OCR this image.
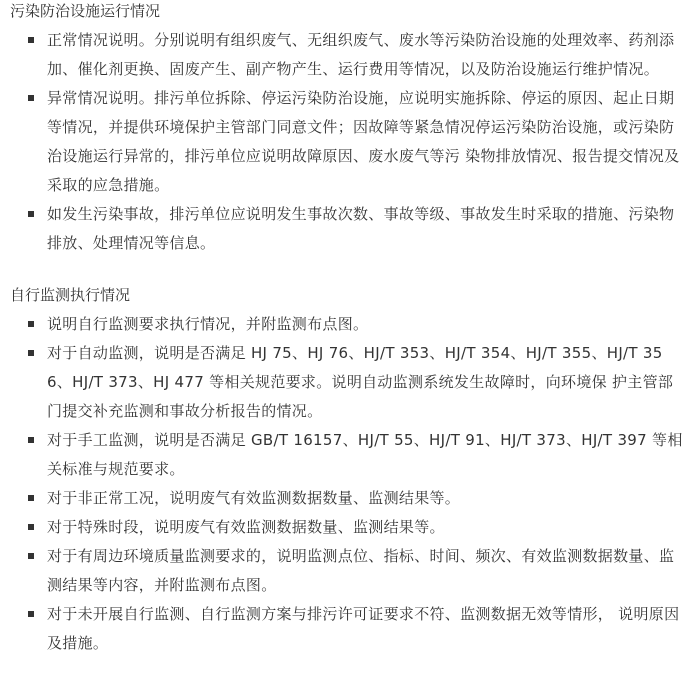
污染防治设施运行情况
正常情况说明。分别说明有组织废气、无组织废气、废水等污染防治设施的处理效率、药剂添加、催化剂更换、固废产生、副产物产生、运行费用等情况，以及防治设施运行维护情况。
异常情况说明。排污单位拆除、停运污染防治设施，应说明实施拆除、停运的原因、起止日期等情况，并提供环境保护主管部门同意文件；因故障等紧急情况停运污染防治设施，或污染防治设施运行异常的，排污单位应说明故障原因、废水废气等污 染物排放情况、报告提交情况及采取的应急措施。
如发生污染事故，排污单位应说明发生事故次数、事故等级、事故发生时采取的措施、污染物排放、处理情况等信息。
自行监测执行情况
说明自行监测要求执行情况，并附监测布点图。
对于自动监测，说明是否满足 HJ 75、HJ 76、HJ/T 353、HJ/T 354、HJ/T 355、HJ/T 356、HJ/T 373、HJ 477 等相关规范要求。说明自动监测系统发生故障时，向环境保 护主管部门提交补充监测和事故分析报告的情况。
对于手工监测，说明是否满足 GB/T 16157、HJ/T 55、HJ/T 91、HJ/T 373、HJ/T 397 等相关标准与规范要求。
对于非正常工况，说明废气有效监测数据数量、监测结果等。
对于特殊时段，说明废气有效监测数据数量、监测结果等。
对于有周边环境质量监测要求的，说明监测点位、指标、时间、频次、有效监测数据数量、监测结果等内容，并附监测布点图。
对于未开展自行监测、自行监测方案与排污许可证要求不符、监测数据无效等情形， 说明原因及措施。
